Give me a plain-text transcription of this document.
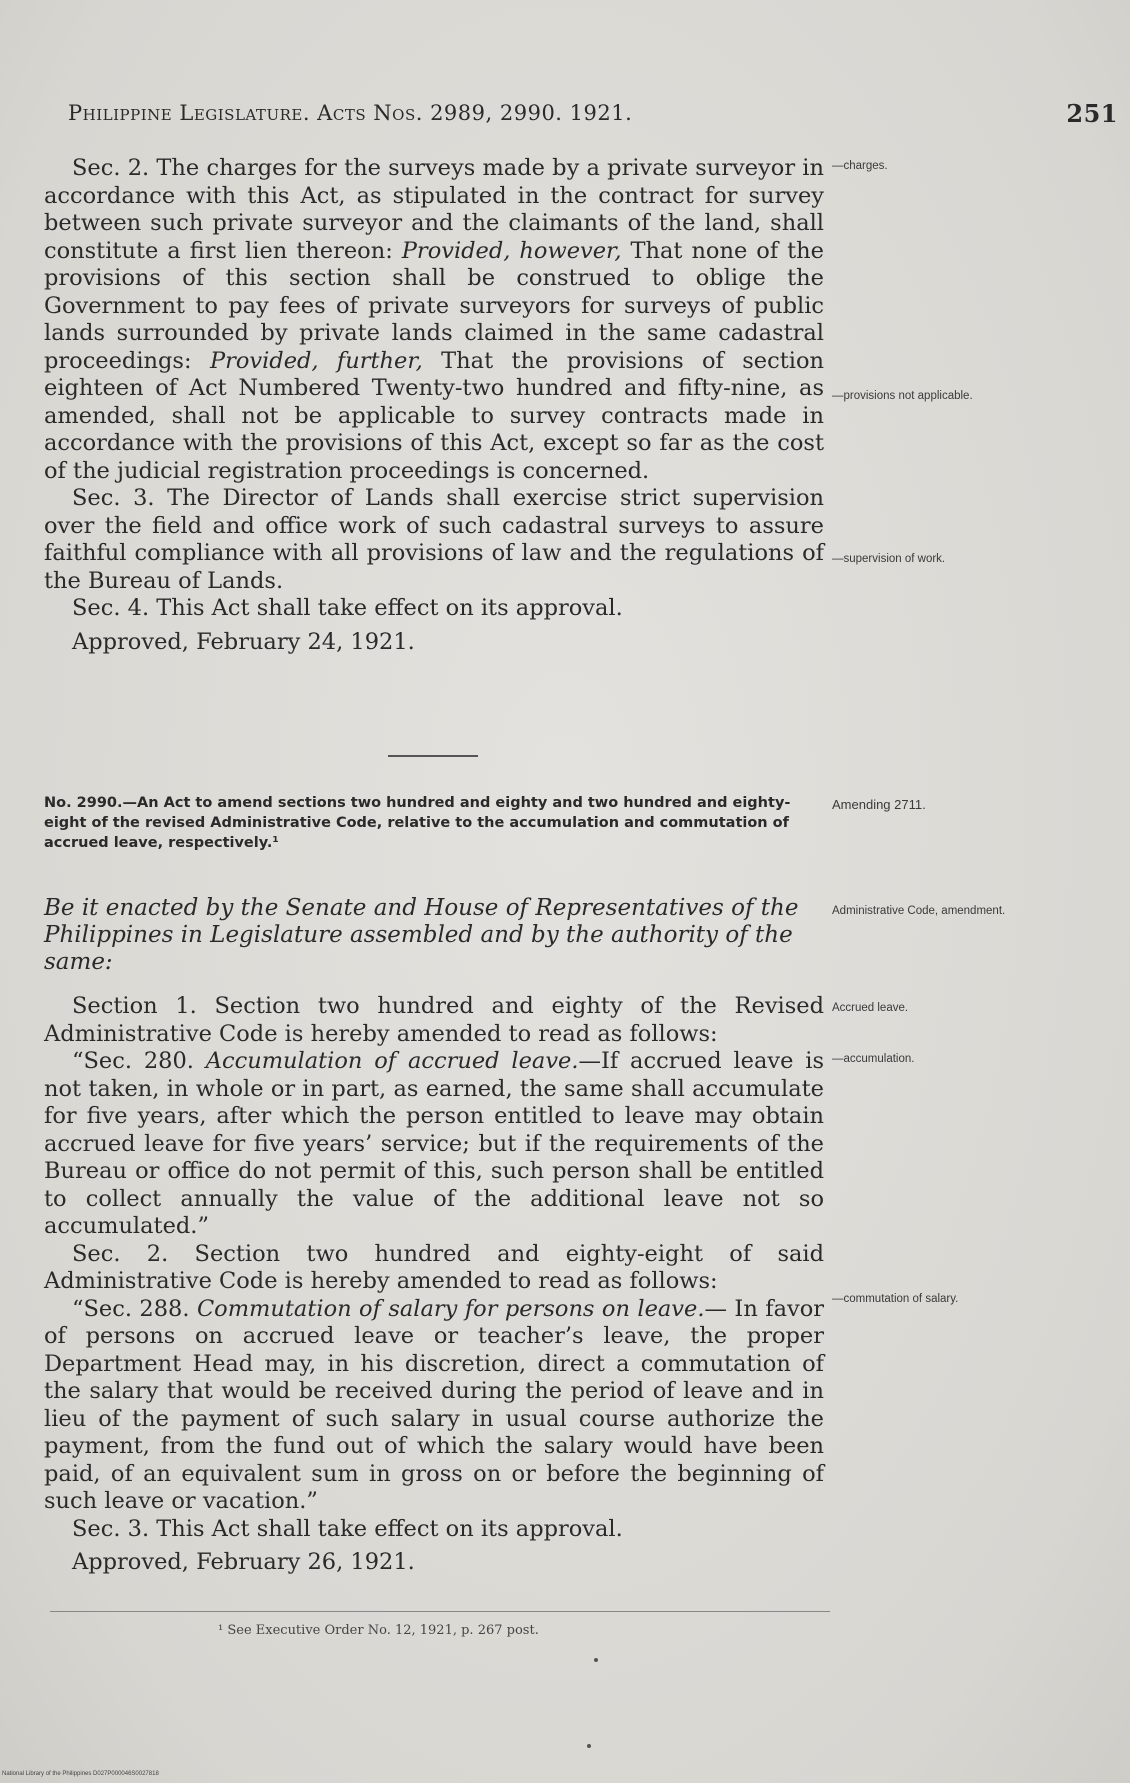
Philippine Legislature. Acts Nos. 2989, 2990. 1921.	251

Sec. 2. The charges for the surveys made by a private surveyor in accordance with this Act, as stipulated in the contract for survey between such private surveyor and the claimants of the land, shall constitute a first lien thereon: Provided, however, That none of the provisions of this section shall be construed to oblige the Government to pay fees of private surveyors for surveys of public lands surrounded by private lands claimed in the same cadastral proceedings: Provided, further, That the provisions of section eighteen of Act Numbered Twenty-two hundred and fifty-nine, as amended, shall not be applicable to survey contracts made in accordance with the provisions of this Act, except so far as the cost of the judicial registration proceedings is concerned.

Sec. 3. The Director of Lands shall exercise strict supervision over the field and office work of such cadastral surveys to assure faithful compliance with all provisions of law and the regulations of the Bureau of Lands.

Sec. 4. This Act shall take effect on its approval.

Approved, February 24, 1921.

—charges.
—provisions not applicable.
—supervision of work.
No. 2990.—An Act to amend sections two hundred and eighty and two hundred and eighty-eight of the revised Administrative Code, relative to the accumulation and commutation of accrued leave, respectively.¹
Amending 2711.
Be it enacted by the Senate and House of Representatives of the Philippines in Legislature assembled and by the authority of the same:
Administrative Code, amendment.

Section 1. Section two hundred and eighty of the Revised Administrative Code is hereby amended to read as follows:

“Sec. 280. Accumulation of accrued leave.—If accrued leave is not taken, in whole or in part, as earned, the same shall accumulate for five years, after which the person entitled to leave may obtain accrued leave for five years’ service; but if the requirements of the Bureau or office do not permit of this, such person shall be entitled to collect annually the value of the additional leave not so accumulated.”

Sec. 2. Section two hundred and eighty-eight of said Administrative Code is hereby amended to read as follows:

“Sec. 288. Commutation of salary for persons on leave.— In favor of persons on accrued leave or teacher’s leave, the proper Department Head may, in his discretion, direct a commutation of the salary that would be received during the period of leave and in lieu of the payment of such salary in usual course authorize the payment, from the fund out of which the salary would have been paid, of an equivalent sum in gross on or before the beginning of such leave or vacation.”

Sec. 3. This Act shall take effect on its approval.

Approved, February 26, 1921.

Accrued leave.
—accumulation.
—commutation of salary.
¹ See Executive Order No. 12, 1921, p. 267 post.
National Library of the Philippines D027P000046S0027818
